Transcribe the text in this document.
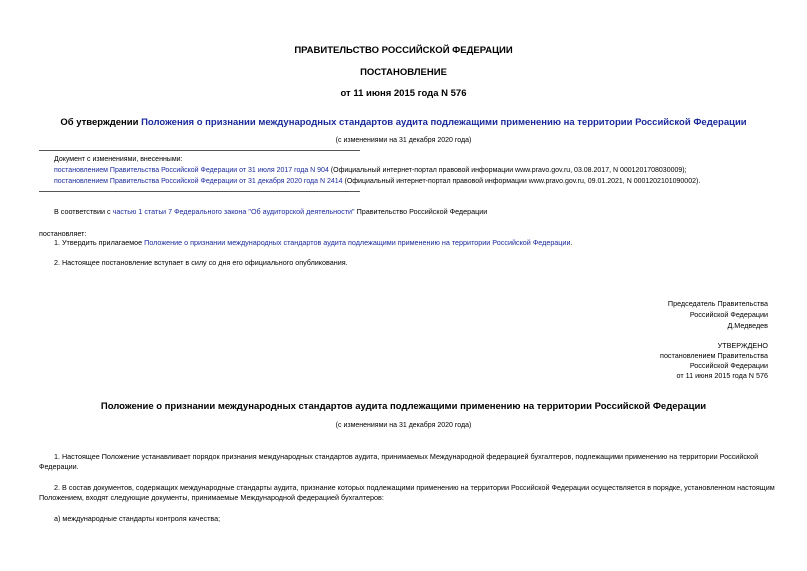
ПРАВИТЕЛЬСТВО РОССИЙСКОЙ ФЕДЕРАЦИИ
ПОСТАНОВЛЕНИЕ
от 11 июня 2015 года N 576
Об утверждении Положения о признании международных стандартов аудита подлежащими применению на территории Российской Федерации
(с изменениями на 31 декабря 2020 года)
Документ с изменениями, внесенными:
постановлением Правительства Российской Федерации от 31 июля 2017 года N 904 (Официальный интернет-портал правовой информации www.pravo.gov.ru, 03.08.2017, N 0001201708030009);
постановлением Правительства Российской Федерации от 31 декабря 2020 года N 2414 (Официальный интернет-портал правовой информации www.pravo.gov.ru, 09.01.2021, N 0001202101090002).
В соответствии с частью 1 статьи 7 Федерального закона "Об аудиторской деятельности" Правительство Российской Федерации
постановляет:
1. Утвердить прилагаемое Положение о признании международных стандартов аудита подлежащими применению на территории Российской Федерации.
2. Настоящее постановление вступает в силу со дня его официального опубликования.
Председатель Правительства
Российской Федерации
Д.Медведев
УТВЕРЖДЕНО
постановлением Правительства
Российской Федерации
от 11 июня 2015 года N 576
Положение о признании международных стандартов аудита подлежащими применению на территории Российской Федерации
(с изменениями на 31 декабря 2020 года)
1. Настоящее Положение устанавливает порядок признания международных стандартов аудита, принимаемых Международной федерацией бухгалтеров, подлежащими применению на территории Российской
Федерации.
2. В состав документов, содержащих международные стандарты аудита, признание которых подлежащими применению на территории Российской Федерации осуществляется в порядке, установленном настоящим
Положением, входят следующие документы, принимаемые Международной федерацией бухгалтеров:
а) международные стандарты контроля качества;
